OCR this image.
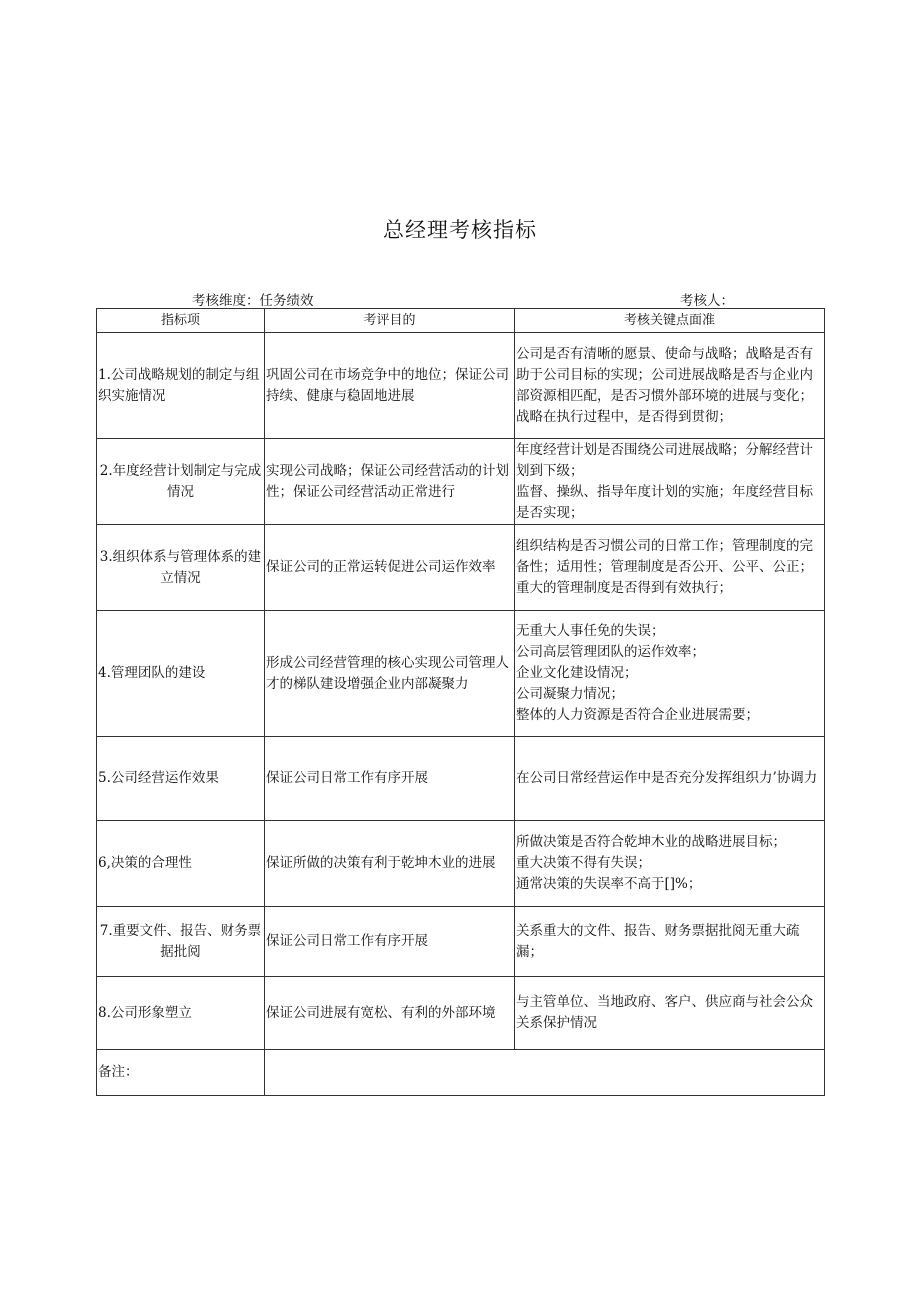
总经理考核指标
考核维度：任务绩效	考核人：
指标项	考评目的	考核关键点面准
1.公司战略规划的制定与组织实施情况	巩固公司在市场竞争中的地位；保证公司持续、健康与稳固地进展	公司是否有清晰的愿景、使命与战略；战略是否有助于公司目标的实现；公司进展战略是否与企业内部资源相匹配，是否习惯外部环境的进展与变化；战略在执行过程中，是否得到贯彻；

2.年度经营计划制定与完成情况	实现公司战略；保证公司经营活动的计划性；保证公司经营活动正常进行	年度经营计划是否围绕公司进展战略；分解经营计划到下级；
监督、操纵、指导年度计划的实施；年度经营目标是否实现；

3.组织体系与管理体系的建立情况	保证公司的正常运转促进公司运作效率	组织结构是否习惯公司的日常工作；管理制度的完备性；适用性；管理制度是否公开、公平、公正；重大的管理制度是否得到有效执行；

4.管理团队的建设	形成公司经营管理的核心实现公司管理人才的梯队建设增强企业内部凝聚力	无重大人事任免的失误；
公司高层管理团队的运作效率；
企业文化建设情况；
公司凝聚力情况；
整体的人力资源是否符合企业进展需要；

5.公司经营运作效果	保证公司日常工作有序开展	在公司日常经营运作中是否充分发挥组织力’协调力

6,决策的合理性	保证所做的决策有利于乾坤木业的进展	所做决策是否符合乾坤木业的战略进展目标；
重大决策不得有失误；
通常决策的失误率不高于[]%；

7.重要文件、报告、财务票据批阅	保证公司日常工作有序开展	关系重大的文件、报告、财务票据批阅无重大疏漏；

8.公司形象塑立	保证公司进展有宽松、有利的外部环境	与主管单位、当地政府、客户、供应商与社会公众关系保护情况

备注：		
